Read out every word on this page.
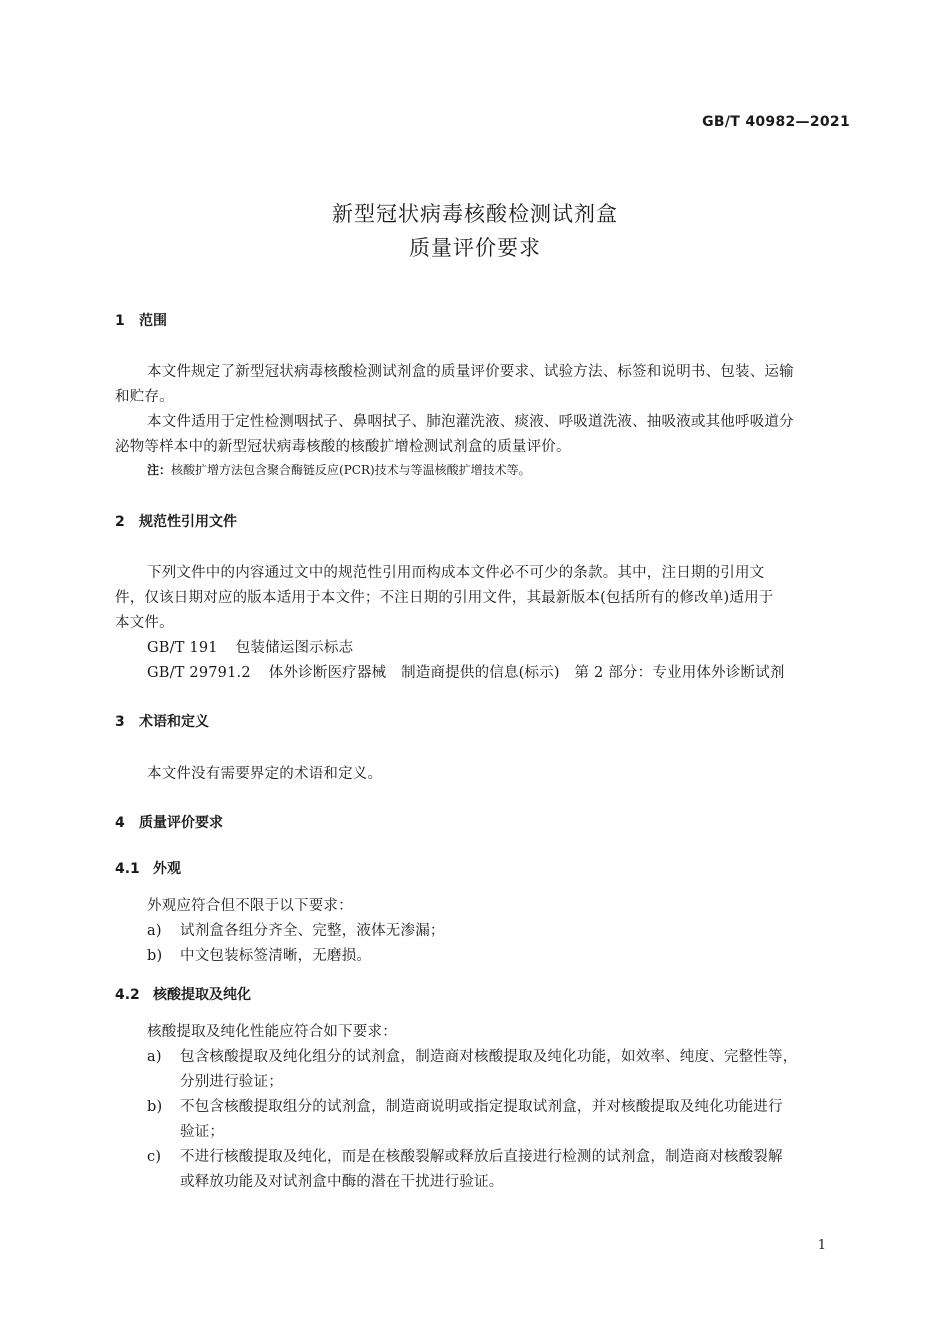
GB/T 40982—2021
新型冠状病毒核酸检测试剂盒
质量评价要求
1 范围
本文件规定了新型冠状病毒核酸检测试剂盒的质量评价要求、试验方法、标签和说明书、包装、运输
和贮存。
本文件适用于定性检测咽拭子、鼻咽拭子、肺泡灌洗液、痰液、呼吸道洗液、抽吸液或其他呼吸道分
泌物等样本中的新型冠状病毒核酸的核酸扩增检测试剂盒的质量评价。
注：核酸扩增方法包含聚合酶链反应(PCR)技术与等温核酸扩增技术等。
2 规范性引用文件
下列文件中的内容通过文中的规范性引用而构成本文件必不可少的条款。其中，注日期的引用文
件，仅该日期对应的版本适用于本文件；不注日期的引用文件，其最新版本(包括所有的修改单)适用于
本文件。
GB/T 191 包装储运图示标志
GB/T 29791.2 体外诊断医疗器械　制造商提供的信息(标示)　第 2 部分：专业用体外诊断试剂
3 术语和定义
本文件没有需要界定的术语和定义。
4 质量评价要求
4.1 外观
外观应符合但不限于以下要求：
a) 试剂盒各组分齐全、完整，液体无渗漏；
b) 中文包装标签清晰，无磨损。
4.2 核酸提取及纯化
核酸提取及纯化性能应符合如下要求：
a) 包含核酸提取及纯化组分的试剂盒，制造商对核酸提取及纯化功能，如效率、纯度、完整性等，
分别进行验证；
b) 不包含核酸提取组分的试剂盒，制造商说明或指定提取试剂盒，并对核酸提取及纯化功能进行
验证；
c) 不进行核酸提取及纯化，而是在核酸裂解或释放后直接进行检测的试剂盒，制造商对核酸裂解
或释放功能及对试剂盒中酶的潜在干扰进行验证。
1
